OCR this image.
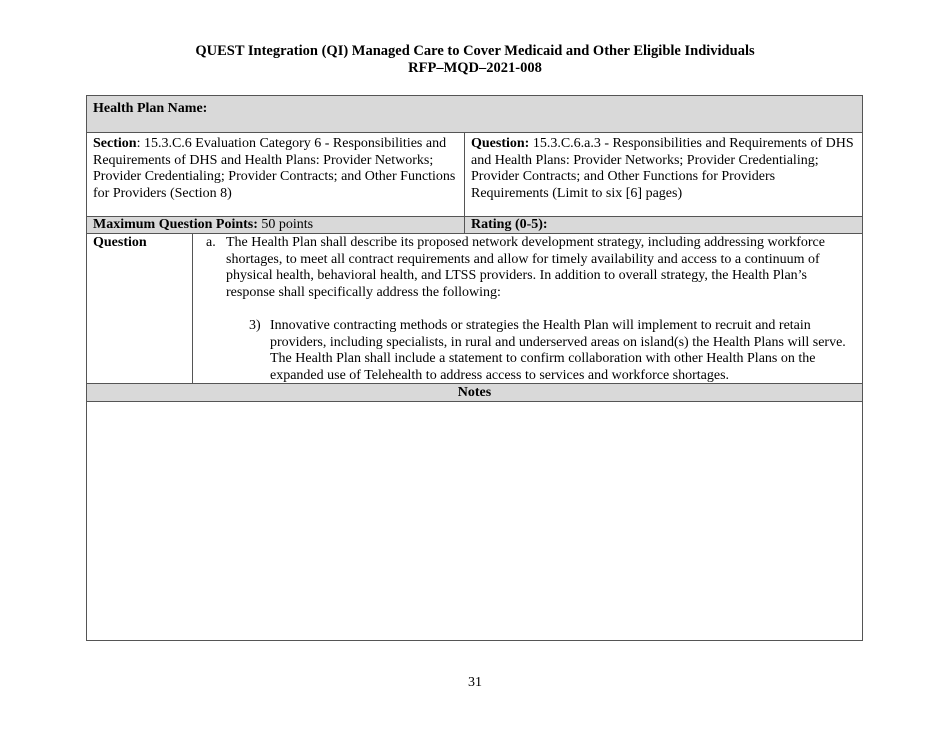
QUEST Integration (QI) Managed Care to Cover Medicaid and Other Eligible Individuals
RFP–MQD–2021-008
Health Plan Name:
Section: 15.3.C.6 Evaluation Category 6 - Responsibilities and Requirements of DHS and Health Plans: Provider Networks; Provider Credentialing; Provider Contracts; and Other Functions for Providers (Section 8)
Question: 15.3.C.6.a.3 - Responsibilities and Requirements of DHS and Health Plans: Provider Networks; Provider Credentialing; Provider Contracts; and Other Functions for Providers Requirements (Limit to six [6] pages)
Maximum Question Points: 50 points	Rating (0-5):
Question	a. The Health Plan shall describe its proposed network development strategy, including addressing workforce shortages, to meet all contract requirements and allow for timely availability and access to a continuum of physical health, behavioral health, and LTSS providers. In addition to overall strategy, the Health Plan’s response shall specifically address the following:
3) Innovative contracting methods or strategies the Health Plan will implement to recruit and retain providers, including specialists, in rural and underserved areas on island(s) the Health Plans will serve. The Health Plan shall include a statement to confirm collaboration with other Health Plans on the expanded use of Telehealth to address access to services and workforce shortages.
Notes
31
